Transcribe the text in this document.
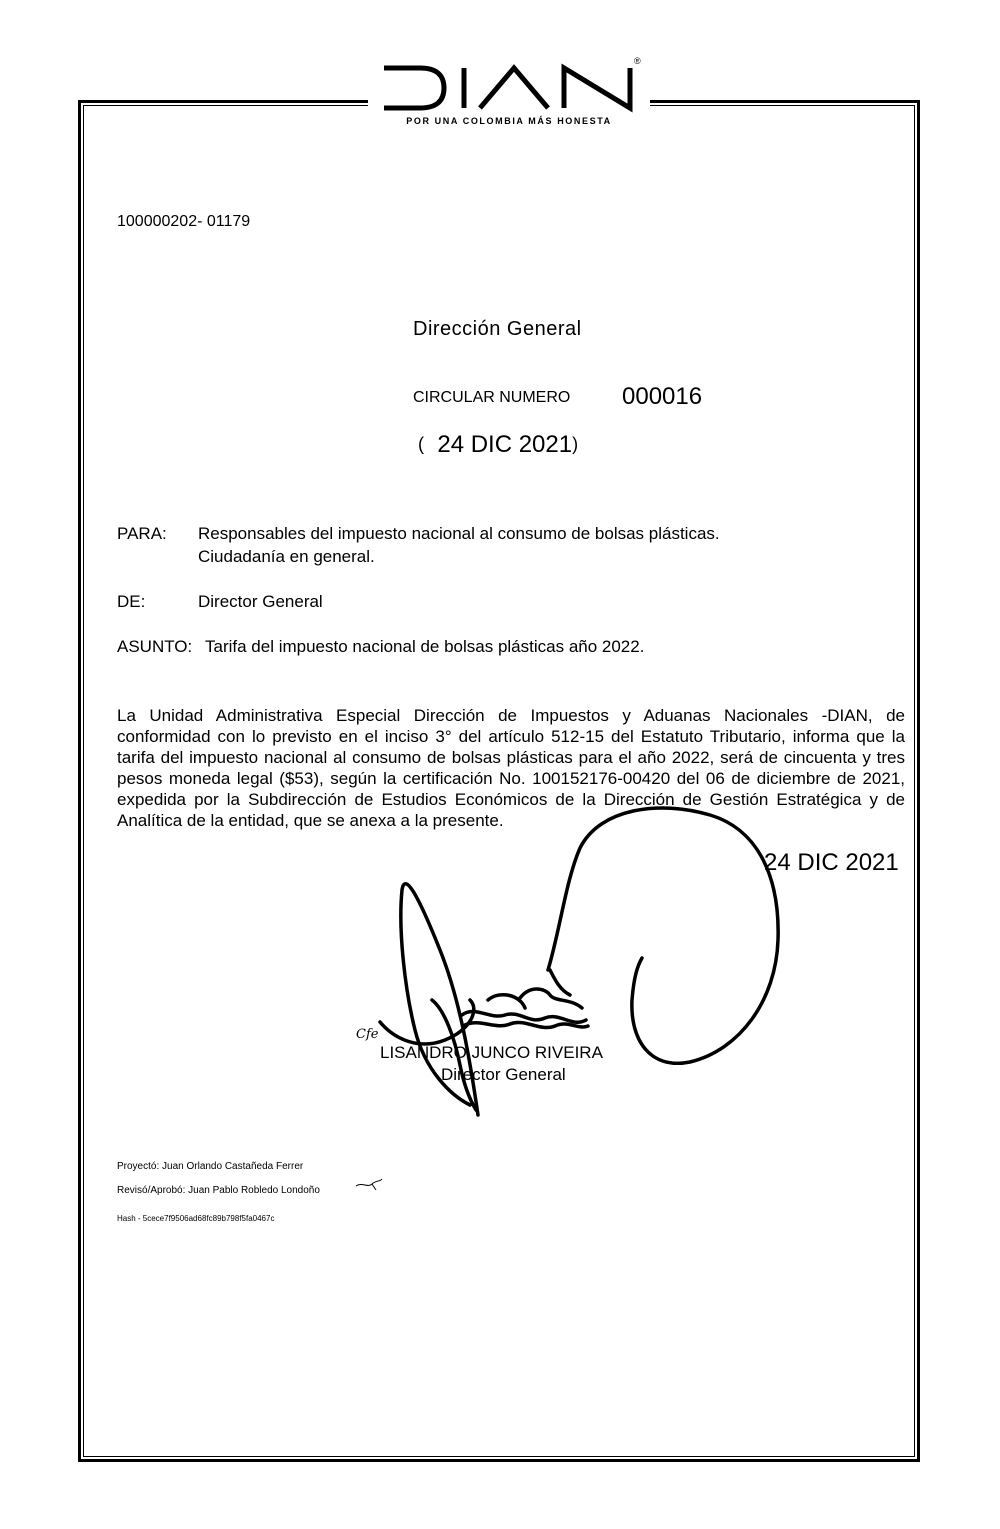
®
POR UNA COLOMBIA MÁS HONESTA
100000202- 01179
Dirección General
CIRCULAR NUMERO 000016
( 24 DIC 2021)
PARA: Responsables del impuesto nacional al consumo de bolsas plásticas.
Ciudadanía en general.
DE:	Director General
ASUNTO: Tarifa del impuesto nacional de bolsas plásticas año 2022.
La Unidad Administrativa Especial Dirección de Impuestos y Aduanas Nacionales -DIAN, de conformidad con lo previsto en el inciso 3° del artículo 512-15 del Estatuto Tributario, informa que la tarifa del impuesto nacional al consumo de bolsas plásticas para el año 2022, será de cincuenta y tres pesos moneda legal ($53), según la certificación No. 100152176-00420 del 06 de diciembre de 2021, expedida por la Subdirección de Estudios Económicos de la Dirección de Gestión Estratégica y de Analítica de la entidad, que se anexa a la presente.
24 DIC 2021
LISANDRO JUNCO RIVEIRA
Director General
Cfe
Proyectó: Juan Orlando Castañeda Ferrer
Revisó/Aprobó: Juan Pablo Robledo Londoño
Hash - 5cece7f9506ad68fc89b798f5fa0467c
